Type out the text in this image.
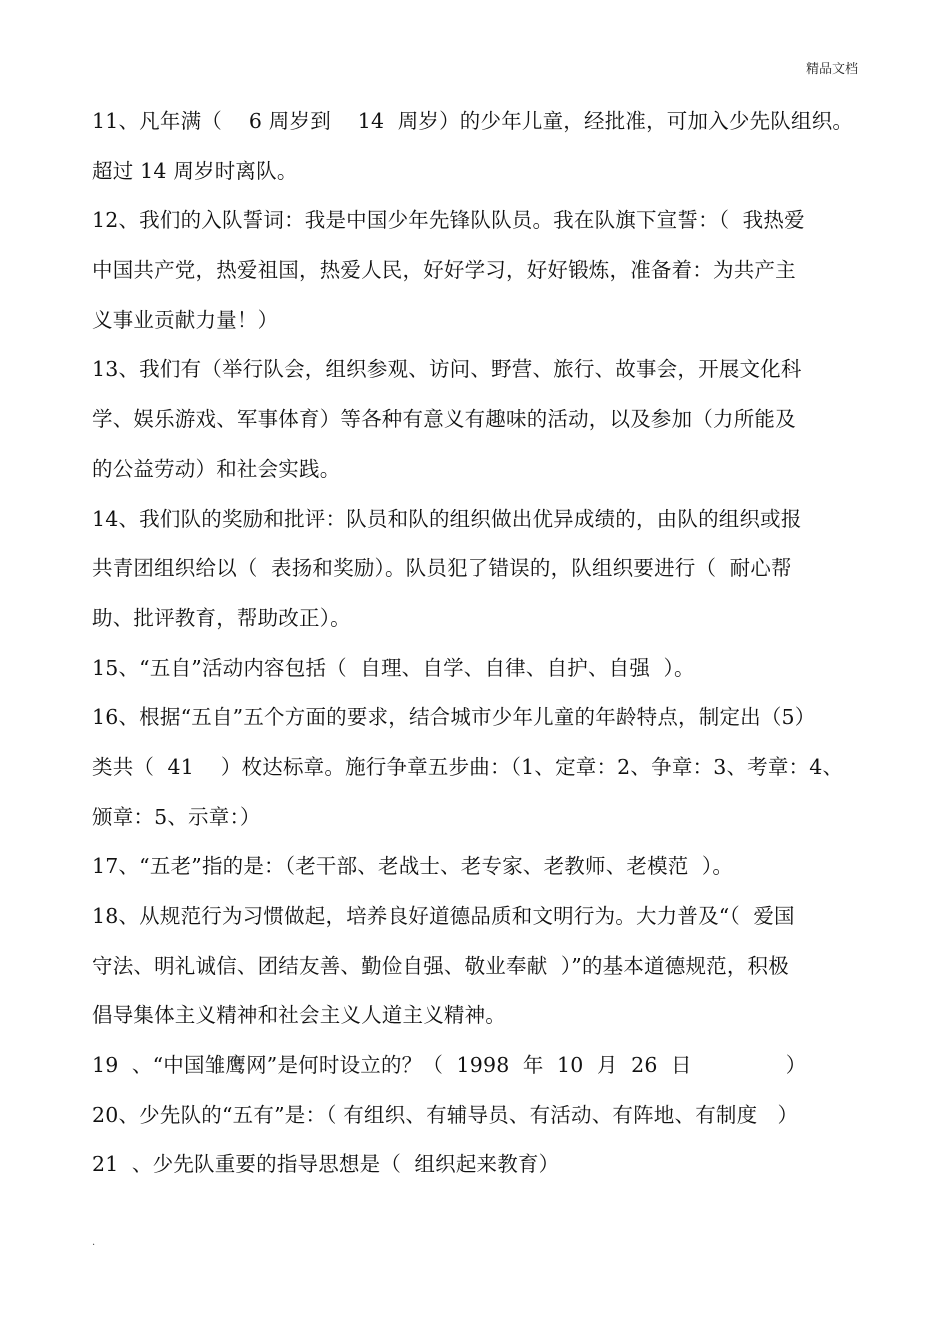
精品文档
11、凡年满（    6 周岁到    14  周岁）的少年儿童，经批准，可加入少先队组织。
超过 14 周岁时离队。
12、我们的入队誓词：我是中国少年先锋队队员。我在队旗下宣誓：（  我热爱
中国共产党，热爱祖国，热爱人民，好好学习，好好锻炼，准备着：为共产主
义事业贡献力量！）
13、我们有（举行队会，组织参观、访问、野营、旅行、故事会，开展文化科
学、娱乐游戏、军事体育）等各种有意义有趣味的活动，以及参加（力所能及
的公益劳动）和社会实践。
14、我们队的奖励和批评：队员和队的组织做出优异成绩的，由队的组织或报
共青团组织给以（  表扬和奖励）。队员犯了错误的，队组织要进行（  耐心帮
助、批评教育，帮助改正）。
15、“五自”活动内容包括（  自理、自学、自律、自护、自强  ）。
16、根据“五自”五个方面的要求，结合城市少年儿童的年龄特点，制定出（5）
类共（  41    ）枚达标章。施行争章五步曲：（1、定章：2、争章：3、考章：4、
颁章：5、示章：）
17、“五老”指的是：（老干部、老战士、老专家、老教师、老模范  ）。
18、从规范行为习惯做起，培养良好道德品质和文明行为。大力普及“（  爱国
守法、明礼诚信、团结友善、勤俭自强、敬业奉献  ）”的基本道德规范，积极
倡导集体主义精神和社会主义人道主义精神。
19  、“中国雏鹰网”是何时设立的？（  1998  年  10  月  26  日              ）
20、少先队的“五有”是：（ 有组织、有辅导员、有活动、有阵地、有制度   ）
21  、少先队重要的指导思想是（  组织起来教育）
.
